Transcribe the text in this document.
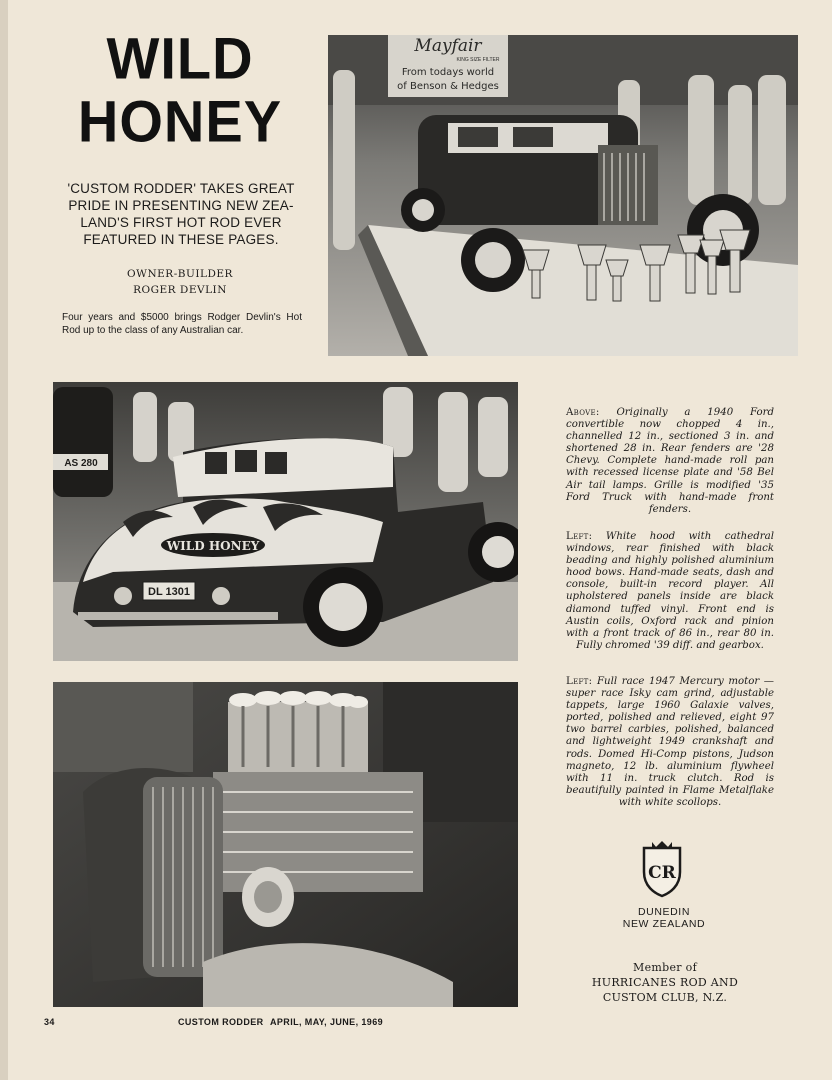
WILD
HONEY
'CUSTOM RODDER' TAKES GREAT PRIDE IN PRESENTING NEW ZEA-LAND'S FIRST HOT ROD EVER FEATURED IN THESE PAGES.
OWNER-BUILDER
ROGER DEVLIN
Four years and $5000 brings Rodger Devlin's Hot Rod up to the class of any Australian car.
Mayfair
KING SIZE FILTER
From todays world
of Benson & Hedges
AS 280
WILD HONEY
DL 1301
Above: Originally a 1940 Ford convertible now chopped 4 in., channelled 12 in., sectioned 3 in. and shortened 28 in. Rear fenders are '28 Chevy. Complete hand-made roll pan with recessed license plate and '58 Bel Air tail lamps. Grille is modified '35 Ford Truck with hand-made front fenders.
Left: White hood with cathedral windows, rear finished with black beading and highly polished aluminium hood bows. Hand-made seats, dash and console, built-in record player. All upholstered panels inside are black diamond tuffed vinyl. Front end is Austin coils, Oxford rack and pinion with a front track of 86 in., rear 80 in. Fully chromed '39 diff. and gearbox.
Left: Full race 1947 Mercury motor — super race Isky cam grind, adjustable tappets, large 1960 Galaxie valves, ported, polished and relieved, eight 97 two barrel carbies, polished, balanced and lightweight 1949 crankshaft and rods. Domed Hi-Comp pistons, Judson magneto, 12 lb. aluminium flywheel with 11 in. truck clutch. Rod is beautifully painted in Flame Metalflake with white scollops.
CR
DUNEDIN
NEW ZEALAND
Member of
HURRICANES ROD AND
CUSTOM CLUB, N.Z.
34	CUSTOM RODDER APRIL, MAY, JUNE, 1969
